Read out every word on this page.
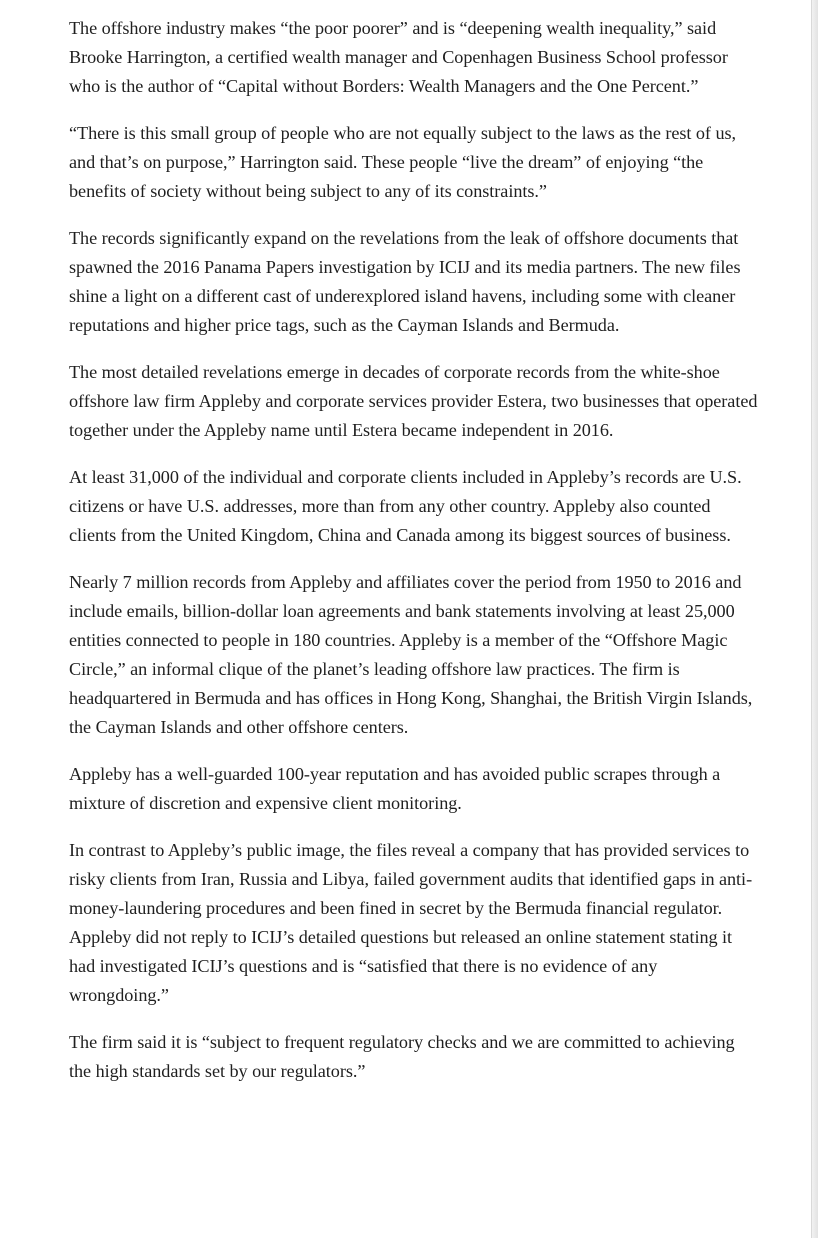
The offshore industry makes “the poor poorer” and is “deepening wealth inequality,” said Brooke Harrington, a certified wealth manager and Copenhagen Business School professor who is the author of “Capital without Borders: Wealth Managers and the One Percent.”

“There is this small group of people who are not equally subject to the laws as the rest of us, and that’s on purpose,” Harrington said. These people “live the dream” of enjoying “the benefits of society without being subject to any of its constraints.”

The records significantly expand on the revelations from the leak of offshore documents that spawned the 2016 Panama Papers investigation by ICIJ and its media partners. The new files shine a light on a different cast of underexplored island havens, including some with cleaner reputations and higher price tags, such as the Cayman Islands and Bermuda.

The most detailed revelations emerge in decades of corporate records from the white-shoe offshore law firm Appleby and corporate services provider Estera, two businesses that operated together under the Appleby name until Estera became independent in 2016.

At least 31,000 of the individual and corporate clients included in Appleby’s records are U.S. citizens or have U.S. addresses, more than from any other country. Appleby also counted clients from the United Kingdom, China and Canada among its biggest sources of business.

Nearly 7 million records from Appleby and affiliates cover the period from 1950 to 2016 and include emails, billion-dollar loan agreements and bank statements involving at least 25,000 entities connected to people in 180 countries. Appleby is a member of the “Offshore Magic Circle,” an informal clique of the planet’s leading offshore law practices. The firm is headquartered in Bermuda and has offices in Hong Kong, Shanghai, the British Virgin Islands, the Cayman Islands and other offshore centers.

Appleby has a well-guarded 100-year reputation and has avoided public scrapes through a mixture of discretion and expensive client monitoring.

In contrast to Appleby’s public image, the files reveal a company that has provided services to risky clients from Iran, Russia and Libya, failed government audits that identified gaps in anti-money-laundering procedures and been fined in secret by the Bermuda financial regulator. Appleby did not reply to ICIJ’s detailed questions but released an online statement stating it had investigated ICIJ’s questions and is “satisfied that there is no evidence of any wrongdoing.”

The firm said it is “subject to frequent regulatory checks and we are committed to achieving the high standards set by our regulators.”
